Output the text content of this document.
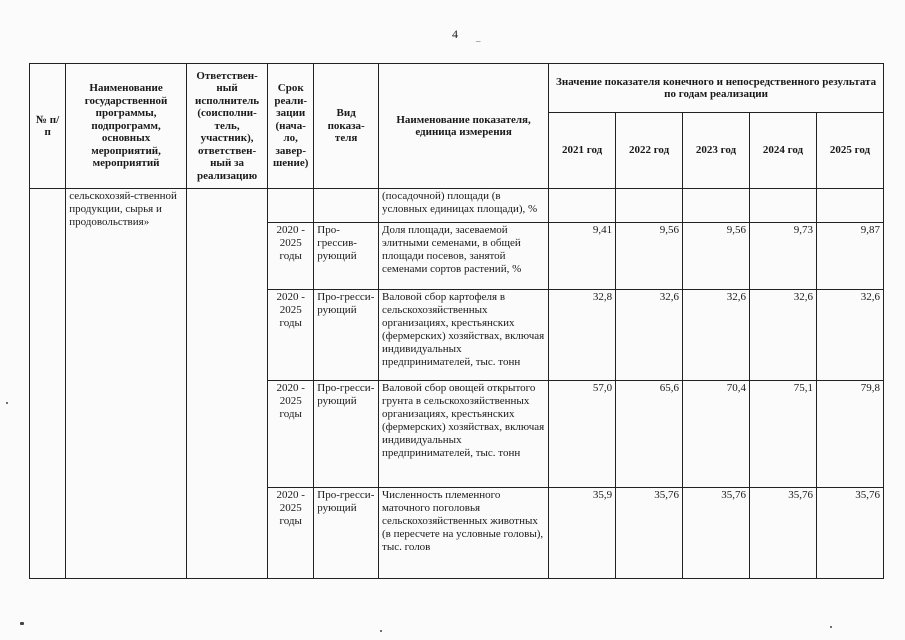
4 _
№ п/п	Наименование государственной программы, подпрограмм, основных мероприятий, мероприятий	Ответствен-ный исполнитель (соисполни-тель, участник), ответствен-ный за реализацию	Срок реали-зации (нача-ло, завер-шение)	Вид показа-теля	Наименование показателя, единица измерения	Значение показателя конечного и непосредственного результата по годам реализации				
						2021 год	2022 год	2023 год	2024 год	2025 год
	сельскохозяй-ственной продукции, сырья и продовольствия»				(посадочной) площади (в условных единицах площади), %					
			2020 - 2025 годы	Про-грессив-рующий	Доля площади, засеваемой элитными семенами, в общей площади посевов, занятой семенами сортов растений, %	9,41	9,56	9,56	9,73	9,87
			2020 - 2025 годы	Про-гресси-рующий	Валовой сбор картофеля в сельскохозяйственных организациях, крестьянских (фермерских) хозяйствах, включая индивидуальных предпринимателей, тыс. тонн	32,8	32,6	32,6	32,6	32,6
			2020 - 2025 годы	Про-гресси-рующий	Валовой сбор овощей открытого грунта в сельскохозяйственных организациях, крестьянских (фермерских) хозяйствах, включая индивидуальных предпринимателей, тыс. тонн	57,0	65,6	70,4	75,1	79,8
			2020 - 2025 годы	Про-гресси-рующий	Численность племенного маточного поголовья сельскохозяйственных животных (в пересчете на условные головы), тыс. голов	35,9	35,76	35,76	35,76	35,76
